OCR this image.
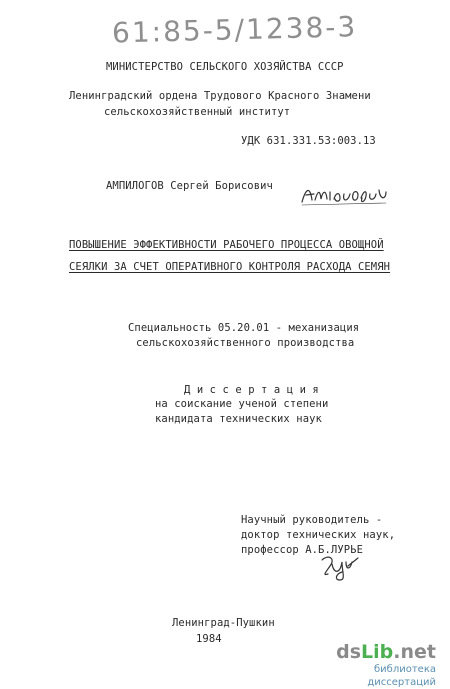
61:85-5/1238-3
МИНИСТЕРСТВО СЕЛЬСКОГО ХОЗЯЙСТВА СССР
Ленинградский ордена Трудового Красного Знамени
сельскохозяйственный институт
УДК 631.331.53:003.13
АМПИЛОГОВ Сергей Борисович
ПОВЫШЕНИЕ ЭФФЕКТИВНОСТИ РАБОЧЕГО ПРОЦЕССА ОВОЩНОЙ
СЕЯЛКИ ЗА СЧЕТ ОПЕРАТИВНОГО КОНТРОЛЯ РАСХОДА СЕМЯН
Специальность 05.20.01 - механизация
сельскохозяйственного производства
Д и с с е р т а ц и я
на соискание ученой степени
кандидата технических наук
Научный руководитель -
доктор технических наук,
профессор А.Б.ЛУРЬЕ
Ленинград-Пушкин
1984
dsLib.net
библиотека диссертаций
